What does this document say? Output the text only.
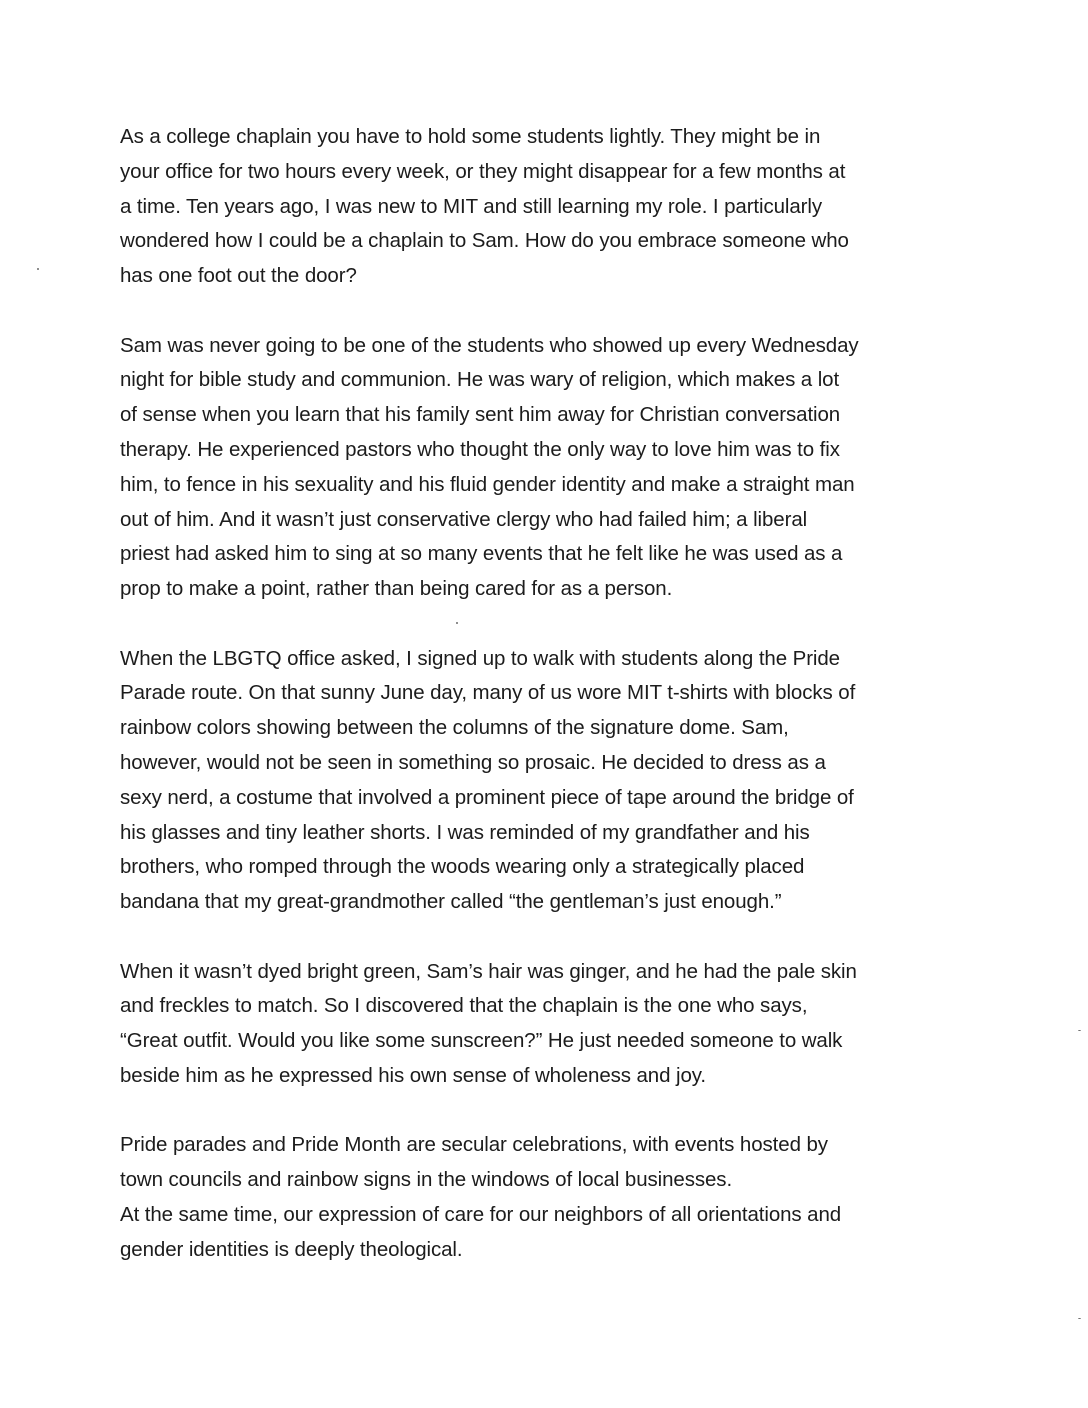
As a college chaplain you have to hold some students lightly. They might be in
your office for two hours every week, or they might disappear for a few months at
a time. Ten years ago, I was new to MIT and still learning my role. I particularly
wondered how I could be a chaplain to Sam. How do you embrace someone who
has one foot out the door?

Sam was never going to be one of the students who showed up every Wednesday
night for bible study and communion. He was wary of religion, which makes a lot
of sense when you learn that his family sent him away for Christian conversation
therapy. He experienced pastors who thought the only way to love him was to fix
him, to fence in his sexuality and his fluid gender identity and make a straight man
out of him. And it wasn’t just conservative clergy who had failed him; a liberal
priest had asked him to sing at so many events that he felt like he was used as a
prop to make a point, rather than being cared for as a person.

When the LBGTQ office asked, I signed up to walk with students along the Pride
Parade route. On that sunny June day, many of us wore MIT t-shirts with blocks of
rainbow colors showing between the columns of the signature dome. Sam,
however, would not be seen in something so prosaic. He decided to dress as a
sexy nerd, a costume that involved a prominent piece of tape around the bridge of
his glasses and tiny leather shorts. I was reminded of my grandfather and his
brothers, who romped through the woods wearing only a strategically placed
bandana that my great-grandmother called “the gentleman’s just enough.”

When it wasn’t dyed bright green, Sam’s hair was ginger, and he had the pale skin
and freckles to match. So I discovered that the chaplain is the one who says,
“Great outfit. Would you like some sunscreen?” He just needed someone to walk
beside him as he expressed his own sense of wholeness and joy.

Pride parades and Pride Month are secular celebrations, with events hosted by
town councils and rainbow signs in the windows of local businesses.
At the same time, our expression of care for our neighbors of all orientations and
gender identities is deeply theological.
